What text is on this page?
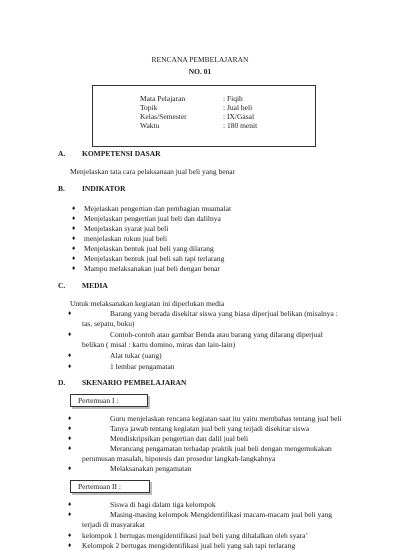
RENCANA PEMBELAJARAN
NO. 01
Mata Pelajaran	: Fiqih
Topik	: Jual beli
Kelas/Semester	: IX/Gasal
Waktu	: 180 menit
A. KOMPETENSI DASAR
Menjelaskan tata cara pelaksanaan jual beli yang benar
B. INDIKATOR
♦ Mejelaskan pengertian dan pembagian muamalat
♦ Menjelaskan pengertian jual beli dan dalilnya
♦ Menjelaskan syarat jual beli
♦ menjelaskan rukun jual beli
♦ Menjelaskan bentuk jual beli yang dilarang
♦ Menjelaskan bentuk jual beli sah tapi terlarang
♦ Mampu melaksanakan jual beli dengan benar
C. MEDIA
Untuk melaksanakan kegiatan ini diperlukan media
♦	Barang yang berada disekitar siswa yang biasa diperjual belikan (misalnya :
tas, sepatu, buku)
♦	Contoh-contoh atau gambar Benda atau barang yang dilarang diperjual
belikan ( misal : kartu domino, miras dan lain-lain)
♦	Alat tukar (uang)
♦	1 lembar pengamatan
D. SKENARIO PEMBELAJARAN
Pertemuan I :
♦	Guru menjelaskan rencana kegiatan saat itu yaitu membahas tentang jual beli
♦	Tanya jawab tentang kegiatan jual beli yang terjadi disekitar siswa
♦	Mendiskripsikan pengertian dan dalil jual beli
♦	Merancang pengamatan terhadap praktik jual beli dengan mengemukakan
perumusan masalah, hipotesis dan prosedur langkah-langkahnya
♦	Melaksanakan pengamatan
Pertemuan II :
♦	Siswa di bagi dalam tiga kelompok
♦	Masing-masing kelompok Mengidentifikasi macam-macam jual beli yang
terjadi di masyarakat
♦ kelompok 1 bertugas mengidentifikasi jual beli yang dihalalkan oleh syara’
♦ Kelompok 2 bertugas mengidentifikasi jual beli yang sah tapi terlarang
